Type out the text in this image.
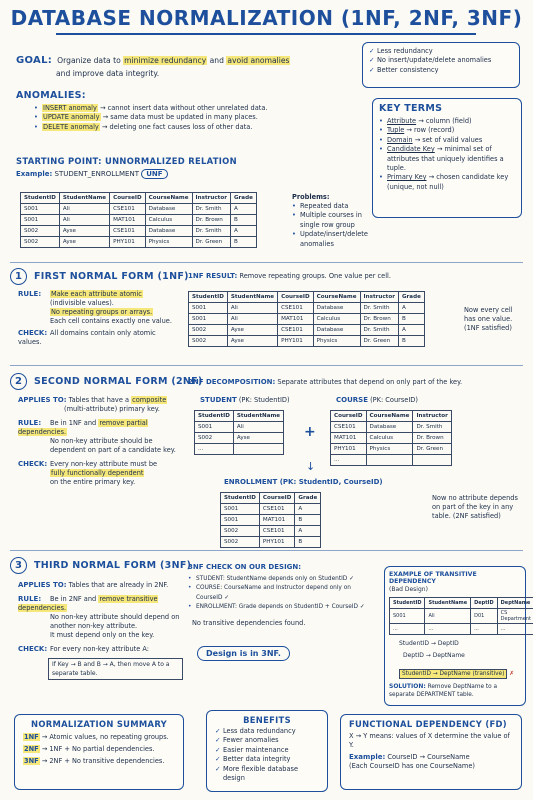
DATABASE NORMALIZATION (1NF, 2NF, 3NF)
GOAL: Organize data to minimize redundancy and avoid anomalies
and improve data integrity.
✓ Less redundancy
✓ No insert/update/delete anomalies
✓ Better consistency
ANOMALIES:
• INSERT anomaly → cannot insert data without other unrelated data.
• UPDATE anomaly → same data must be updated in many places.
• DELETE anomaly → deleting one fact causes loss of other data.
KEY TERMS
• Attribute → column (field)
• Tuple → row (record)
• Domain → set of valid values
• Candidate Key → minimal set of attributes that uniquely identifies a tuple.
• Primary Key → chosen candidate key (unique, not null)
STARTING POINT: UNNORMALIZED RELATION
Example: STUDENT_ENROLLMENT UNF
StudentID	StudentName	CourseID	CourseName	Instructor	Grade
S001	Ali	CSE101	Database	Dr. Smith	A
S001	Ali	MAT101	Calculus	Dr. Brown	B
S002	Ayse	CSE101	Database	Dr. Smith	A
S002	Ayse	PHY101	Physics	Dr. Green	B
Problems:
• Repeated data
• Multiple courses in single row group
• Update/insert/delete anomalies
1	FIRST NORMAL FORM (1NF)
RULE: Make each attribute atomic
(indivisible values).
No repeating groups or arrays.
Each cell contains exactly one value.
CHECK: All domains contain only atomic values.
1NF RESULT: Remove repeating groups. One value per cell.
StudentID	StudentName	CourseID	CourseName	Instructor	Grade
S001	Ali	CSE101	Database	Dr. Smith	A
S001	Ali	MAT101	Calculus	Dr. Brown	B
S002	Ayse	CSE101	Database	Dr. Smith	A
S002	Ayse	PHY101	Physics	Dr. Green	B
Now every cell has one value. (1NF satisfied)
2	SECOND NORMAL FORM (2NF)
APPLIES TO: Tables that have a composite
(multi-attribute) primary key.
RULE: Be in 1NF and remove partial dependencies.
No non-key attribute should be dependent on part of a candidate key.
CHECK: Every non-key attribute must be
fully functionally dependent
on the entire primary key.
2NF DECOMPOSITION: Separate attributes that depend on only part of the key.
STUDENT (PK: StudentID)
StudentID	StudentName
S001	Ali
S002	Ayse
...	
+
COURSE (PK: CourseID)
CourseID	CourseName	Instructor
CSE101	Database	Dr. Smith
MAT101	Calculus	Dr. Brown
PHY101	Physics	Dr. Green
...		
↓
ENROLLMENT (PK: StudentID, CourseID)
StudentID	CourseID	Grade
S001	CSE101	A
S001	MAT101	B
S002	CSE101	A
S002	PHY101	B
Now no attribute depends on part of the key in any table. (2NF satisfied)
3	THIRD NORMAL FORM (3NF)
APPLIES TO: Tables that are already in 2NF.
RULE: Be in 2NF and remove transitive dependencies.
No non-key attribute should depend on another non-key attribute.
It must depend only on the key.
CHECK: For every non-key attribute A:
If Key → B and B → A, then move A to a separate table.
3NF CHECK ON OUR DESIGN:
• STUDENT: StudentName depends only on StudentID ✓
• COURSE: CourseName and Instructor depend only on CourseID ✓
• ENROLLMENT: Grade depends on StudentID + CourseID ✓
No transitive dependencies found.
Design is in 3NF.
EXAMPLE OF TRANSITIVE DEPENDENCY
(Bad Design)
StudentID	StudentName	DeptID	DeptName
S001	Ali	D01	CS Department
...	...	...	...
StudentID → DeptID
DeptID → DeptName
StudentID → DeptName (transitive) ✗
SOLUTION: Remove DeptName to a separate DEPARTMENT table.
NORMALIZATION SUMMARY
1NF → Atomic values, no repeating groups.
2NF → 1NF + No partial dependencies.
3NF → 2NF + No transitive dependencies.
BENEFITS
✓ Less data redundancy
✓ Fewer anomalies
✓ Easier maintenance
✓ Better data integrity
✓ More flexible database design
FUNCTIONAL DEPENDENCY (FD)
X → Y means: values of X determine the value of Y.
Example: CourseID → CourseName
(Each CourseID has one CourseName)
